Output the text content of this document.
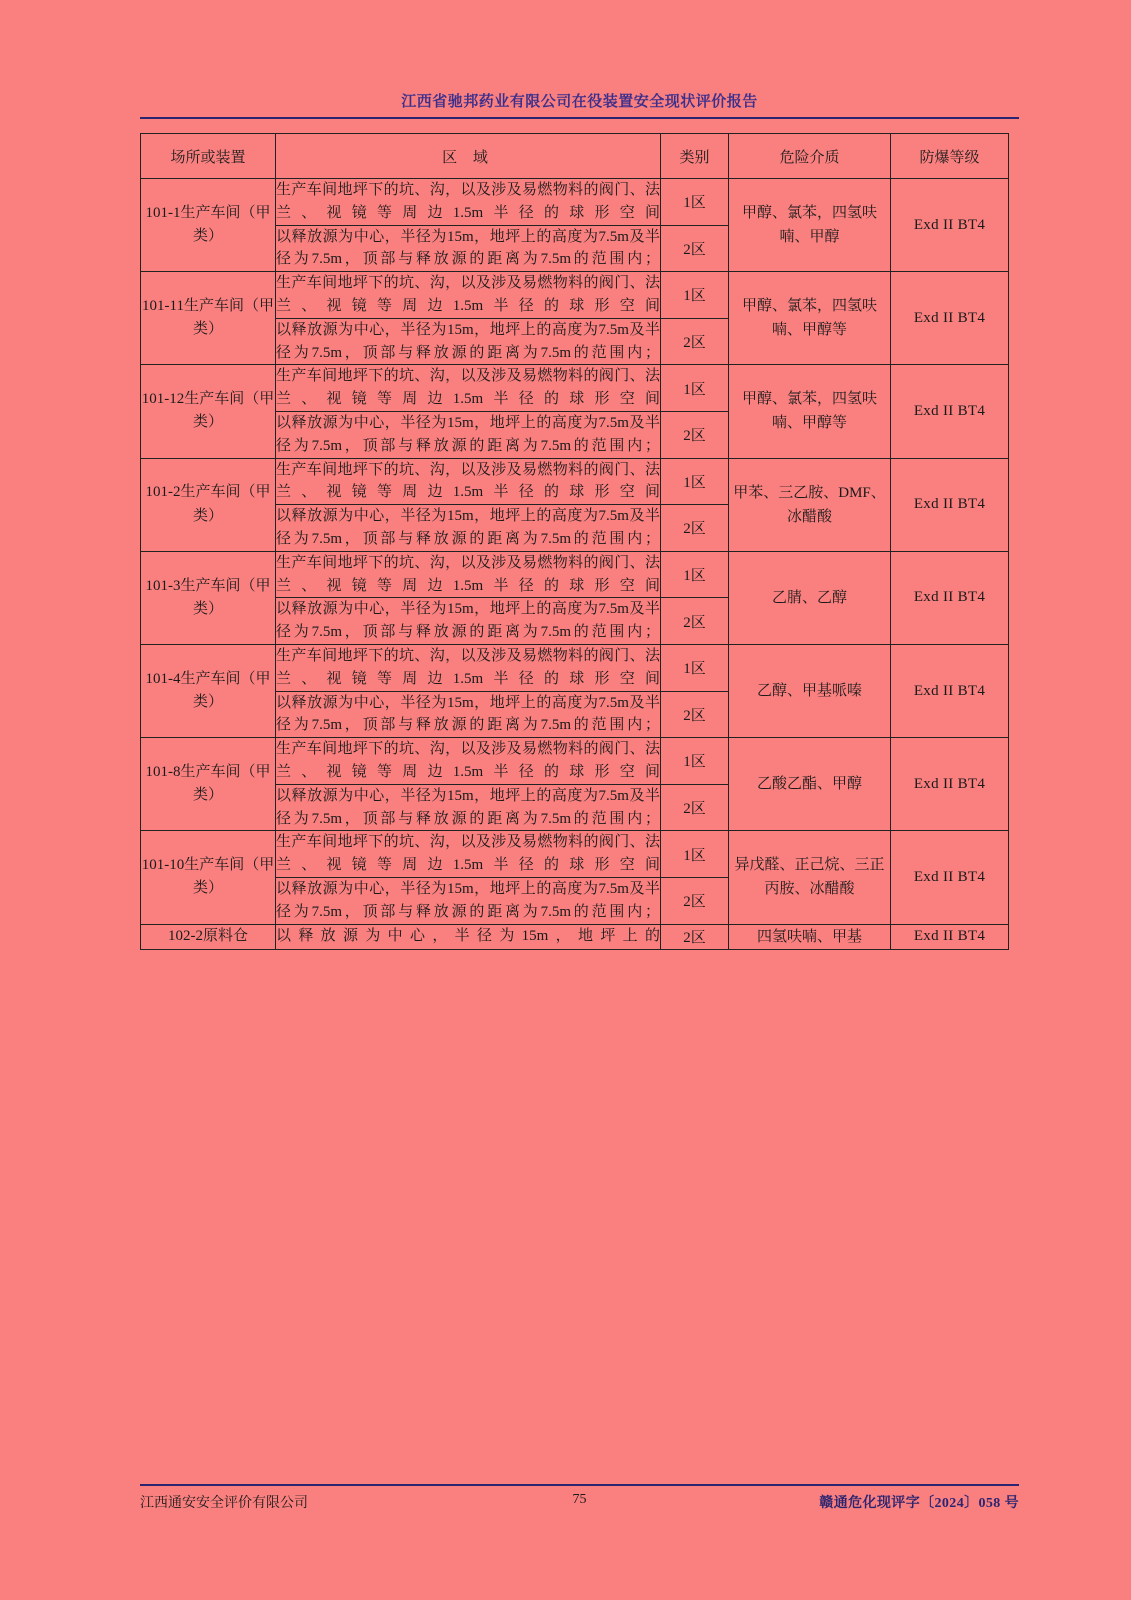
江西省驰邦药业有限公司在役装置安全现状评价报告
场所或装置	区 域	类别	危险介质	防爆等级
101-1生产车间（甲类）	生产车间地坪下的坑、沟，以及涉及易燃物料的阀门、法兰、视镜等周边1.5m半径的球形空间	1区	甲醇、氯苯，四氢呋喃、甲醇	Exd II BT4
	以释放源为中心，半径为15m，地坪上的高度为7.5m及半径为7.5m，顶部与释放源的距离为7.5m的范围内；	2区		
101-11生产车间（甲类）	生产车间地坪下的坑、沟，以及涉及易燃物料的阀门、法兰、视镜等周边1.5m半径的球形空间	1区	甲醇、氯苯，四氢呋喃、甲醇等	Exd II BT4
	以释放源为中心，半径为15m，地坪上的高度为7.5m及半径为7.5m，顶部与释放源的距离为7.5m的范围内；	2区		
101-12生产车间（甲类）	生产车间地坪下的坑、沟，以及涉及易燃物料的阀门、法兰、视镜等周边1.5m半径的球形空间	1区	甲醇、氯苯，四氢呋喃、甲醇等	Exd II BT4
	以释放源为中心，半径为15m，地坪上的高度为7.5m及半径为7.5m，顶部与释放源的距离为7.5m的范围内；	2区		
101-2生产车间（甲类）	生产车间地坪下的坑、沟，以及涉及易燃物料的阀门、法兰、视镜等周边1.5m半径的球形空间	1区	甲苯、三乙胺、DMF、冰醋酸	Exd II BT4
	以释放源为中心，半径为15m，地坪上的高度为7.5m及半径为7.5m，顶部与释放源的距离为7.5m的范围内；	2区		
101-3生产车间（甲类）	生产车间地坪下的坑、沟，以及涉及易燃物料的阀门、法兰、视镜等周边1.5m半径的球形空间	1区	乙腈、乙醇	Exd II BT4
	以释放源为中心，半径为15m，地坪上的高度为7.5m及半径为7.5m，顶部与释放源的距离为7.5m的范围内；	2区		
101-4生产车间（甲类）	生产车间地坪下的坑、沟，以及涉及易燃物料的阀门、法兰、视镜等周边1.5m半径的球形空间	1区	乙醇、甲基哌嗪	Exd II BT4
	以释放源为中心，半径为15m，地坪上的高度为7.5m及半径为7.5m，顶部与释放源的距离为7.5m的范围内；	2区		
101-8生产车间（甲类）	生产车间地坪下的坑、沟，以及涉及易燃物料的阀门、法兰、视镜等周边1.5m半径的球形空间	1区	乙酸乙酯、甲醇	Exd II BT4
	以释放源为中心，半径为15m，地坪上的高度为7.5m及半径为7.5m，顶部与释放源的距离为7.5m的范围内；	2区		
101-10生产车间（甲类）	生产车间地坪下的坑、沟，以及涉及易燃物料的阀门、法兰、视镜等周边1.5m半径的球形空间	1区	异戊醛、正己烷、三正丙胺、冰醋酸	Exd II BT4
	以释放源为中心，半径为15m，地坪上的高度为7.5m及半径为7.5m，顶部与释放源的距离为7.5m的范围内；	2区		
102-2原料仓	以释放源为中心，半径为15m，地坪上的	2区	四氢呋喃、甲基	Exd II BT4
75
江西通安安全评价有限公司	赣通危化现评字〔2024〕058 号
